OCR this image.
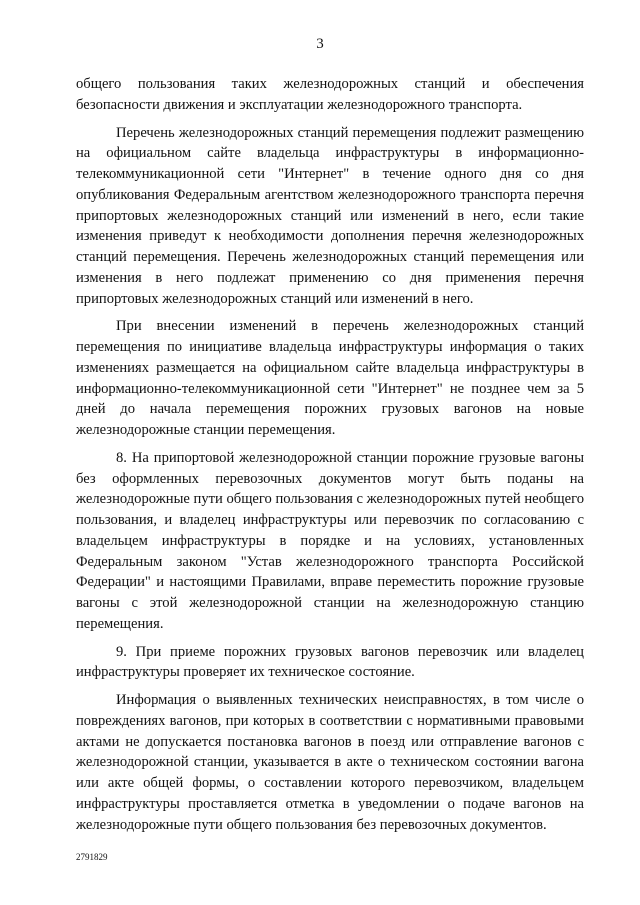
3

общего пользования таких железнодорожных станций и обеспечения безопасности движения и эксплуатации железнодорожного транспорта.

Перечень железнодорожных станций перемещения подлежит размещению на официальном сайте владельца инфраструктуры в информационно-телекоммуникационной сети "Интернет" в течение одного дня со дня опубликования Федеральным агентством железнодорожного транспорта перечня припортовых железнодорожных станций или изменений в него, если такие изменения приведут к необходимости дополнения перечня железнодорожных станций перемещения. Перечень железнодорожных станций перемещения или изменения в него подлежат применению со дня применения перечня припортовых железнодорожных станций или изменений в него.

При внесении изменений в перечень железнодорожных станций перемещения по инициативе владельца инфраструктуры информация о таких изменениях размещается на официальном сайте владельца инфраструктуры в информационно-телекоммуникационной сети "Интернет" не позднее чем за 5 дней до начала перемещения порожних грузовых вагонов на новые железнодорожные станции перемещения.

8. На припортовой железнодорожной станции порожние грузовые вагоны без оформленных перевозочных документов могут быть поданы на железнодорожные пути общего пользования с железнодорожных путей необщего пользования, и владелец инфраструктуры или перевозчик по согласованию с владельцем инфраструктуры в порядке и на условиях, установленных Федеральным законом "Устав железнодорожного транспорта Российской Федерации" и настоящими Правилами, вправе переместить порожние грузовые вагоны с этой железнодорожной станции на железнодорожную станцию перемещения.

9. При приеме порожних грузовых вагонов перевозчик или владелец инфраструктуры проверяет их техническое состояние.

Информация о выявленных технических неисправностях, в том числе о повреждениях вагонов, при которых в соответствии с нормативными правовыми актами не допускается постановка вагонов в поезд или отправление вагонов с железнодорожной станции, указывается в акте о техническом состоянии вагона или акте общей формы, о составлении которого перевозчиком, владельцем инфраструктуры проставляется отметка в уведомлении о подаче вагонов на железнодорожные пути общего пользования без перевозочных документов.

2791829
